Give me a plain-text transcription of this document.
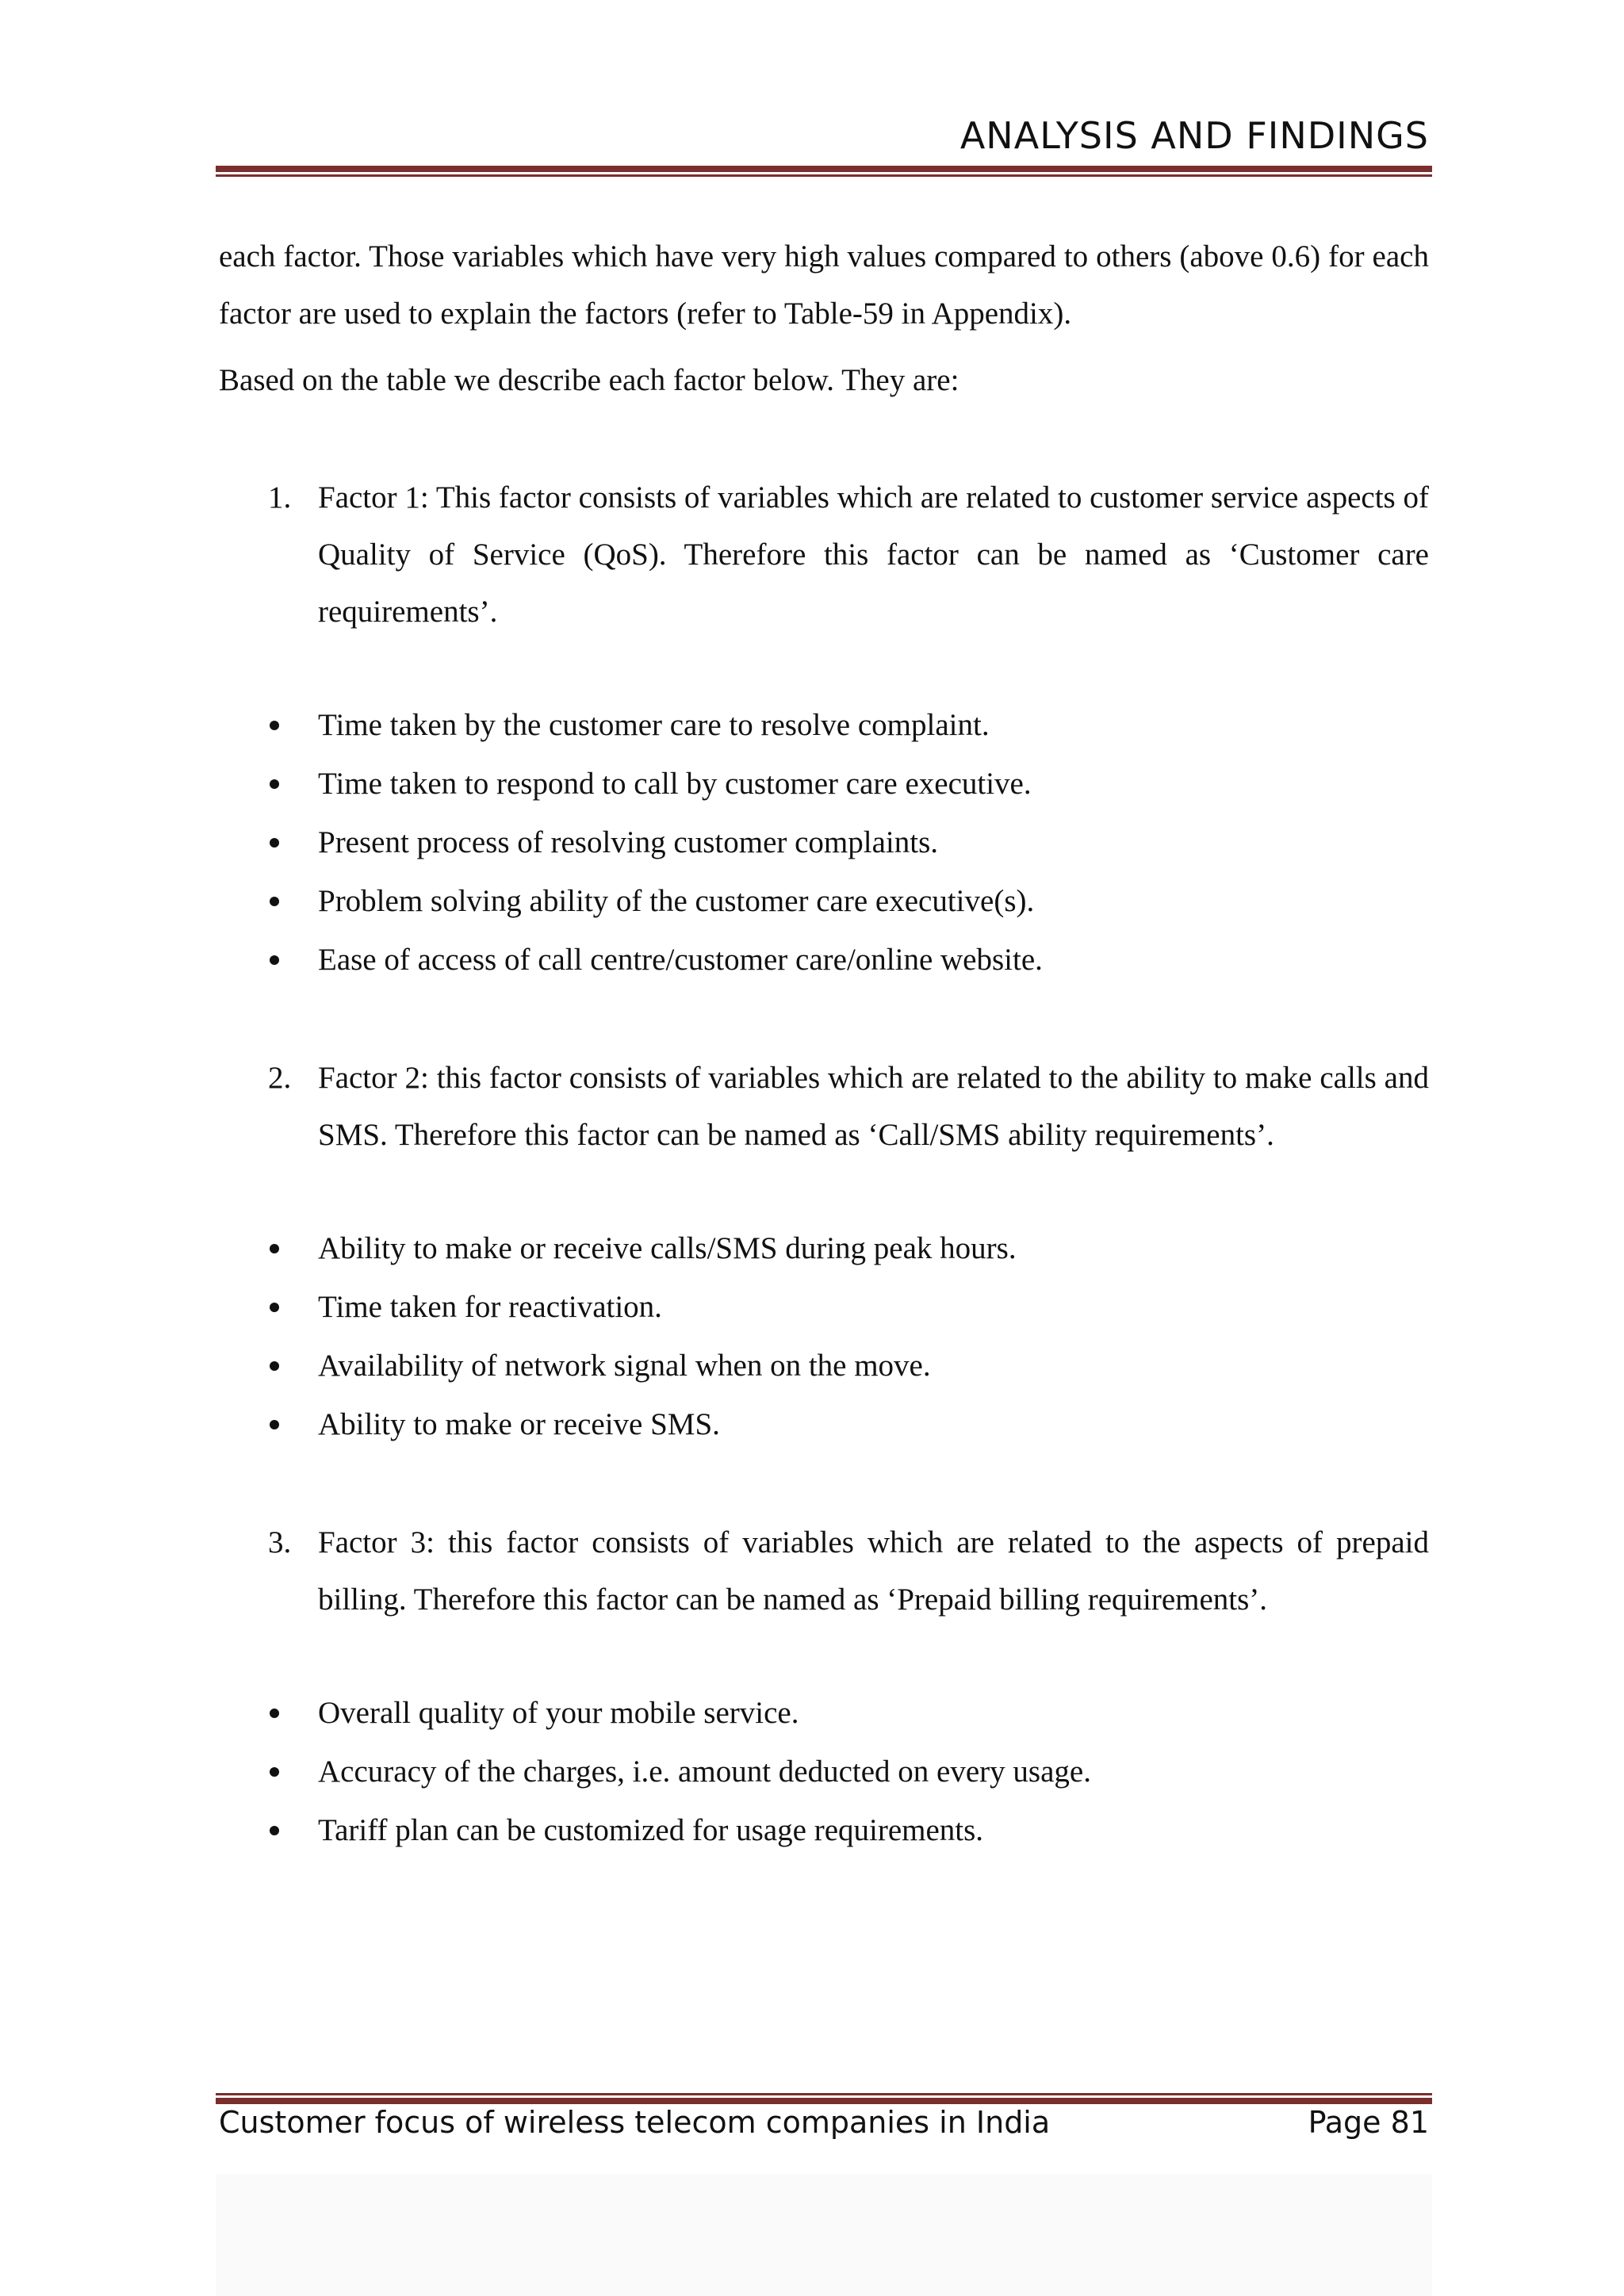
ANALYSIS AND FINDINGS

each factor. Those variables which have very high values compared to others (above 0.6) for each factor are used to explain the factors (refer to Table-59 in Appendix).

Based on the table we describe each factor below. They are:

1. Factor 1: This factor consists of variables which are related to customer service aspects of Quality of Service (QoS). Therefore this factor can be named as ‘Customer care requirements’.

Time taken by the customer care to resolve complaint.
Time taken to respond to call by customer care executive.
Present process of resolving customer complaints.
Problem solving ability of the customer care executive(s).
Ease of access of call centre/customer care/online website.

2. Factor 2: this factor consists of variables which are related to the ability to make calls and SMS. Therefore this factor can be named as ‘Call/SMS ability requirements’.

Ability to make or receive calls/SMS during peak hours.
Time taken for reactivation.
Availability of network signal when on the move.
Ability to make or receive SMS.

3. Factor 3: this factor consists of variables which are related to the aspects of prepaid billing. Therefore this factor can be named as ‘Prepaid billing requirements’.

Overall quality of your mobile service.
Accuracy of the charges, i.e. amount deducted on every usage.
Tariff plan can be customized for usage requirements.
Customer focus of wireless telecom companies in India	Page 81
